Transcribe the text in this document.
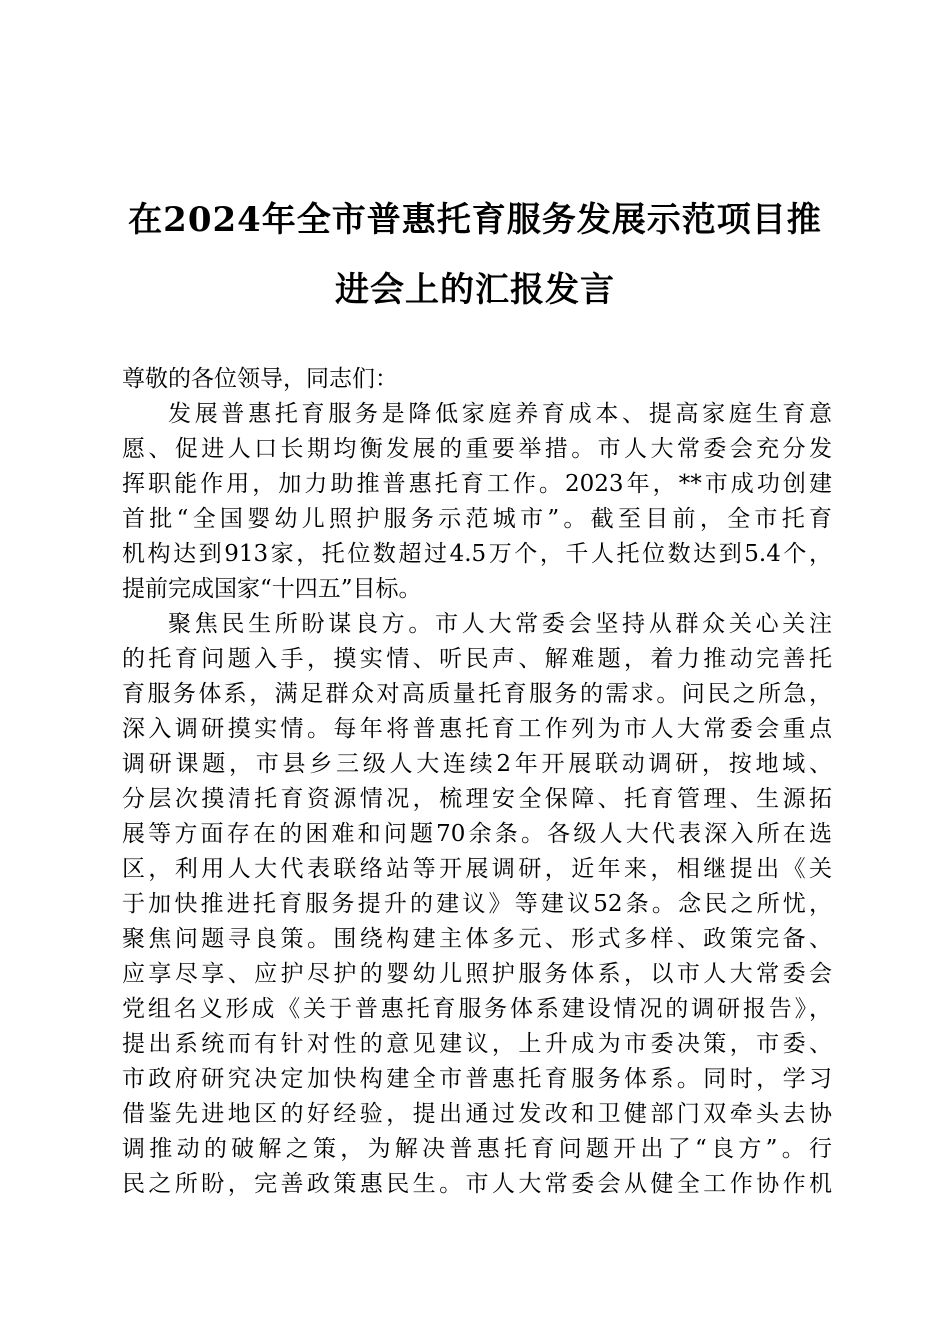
在2024年全市普惠托育服务发展示范项目推
进会上的汇报发言
尊敬的各位领导，同志们：
发展普惠托育服务是降低家庭养育成本、提高家庭生育意
愿、促进人口长期均衡发展的重要举措。市人大常委会充分发
挥职能作用，加力助推普惠托育工作。2023年，**市成功创建
首批“全国婴幼儿照护服务示范城市”。截至目前，全市托育
机构达到913家，托位数超过4.5万个，千人托位数达到5.4个，
提前完成国家“十四五”目标。
聚焦民生所盼谋良方。市人大常委会坚持从群众关心关注
的托育问题入手，摸实情、听民声、解难题，着力推动完善托
育服务体系，满足群众对高质量托育服务的需求。问民之所急，
深入调研摸实情。每年将普惠托育工作列为市人大常委会重点
调研课题，市县乡三级人大连续2年开展联动调研，按地域、
分层次摸清托育资源情况，梳理安全保障、托育管理、生源拓
展等方面存在的困难和问题70余条。各级人大代表深入所在选
区，利用人大代表联络站等开展调研，近年来，相继提出《关
于加快推进托育服务提升的建议》等建议52条。念民之所忧，
聚焦问题寻良策。围绕构建主体多元、形式多样、政策完备、
应享尽享、应护尽护的婴幼儿照护服务体系，以市人大常委会
党组名义形成《关于普惠托育服务体系建设情况的调研报告》，
提出系统而有针对性的意见建议，上升成为市委决策，市委、
市政府研究决定加快构建全市普惠托育服务体系。同时，学习
借鉴先进地区的好经验，提出通过发改和卫健部门双牵头去协
调推动的破解之策，为解决普惠托育问题开出了“良方”。行
民之所盼，完善政策惠民生。市人大常委会从健全工作协作机
